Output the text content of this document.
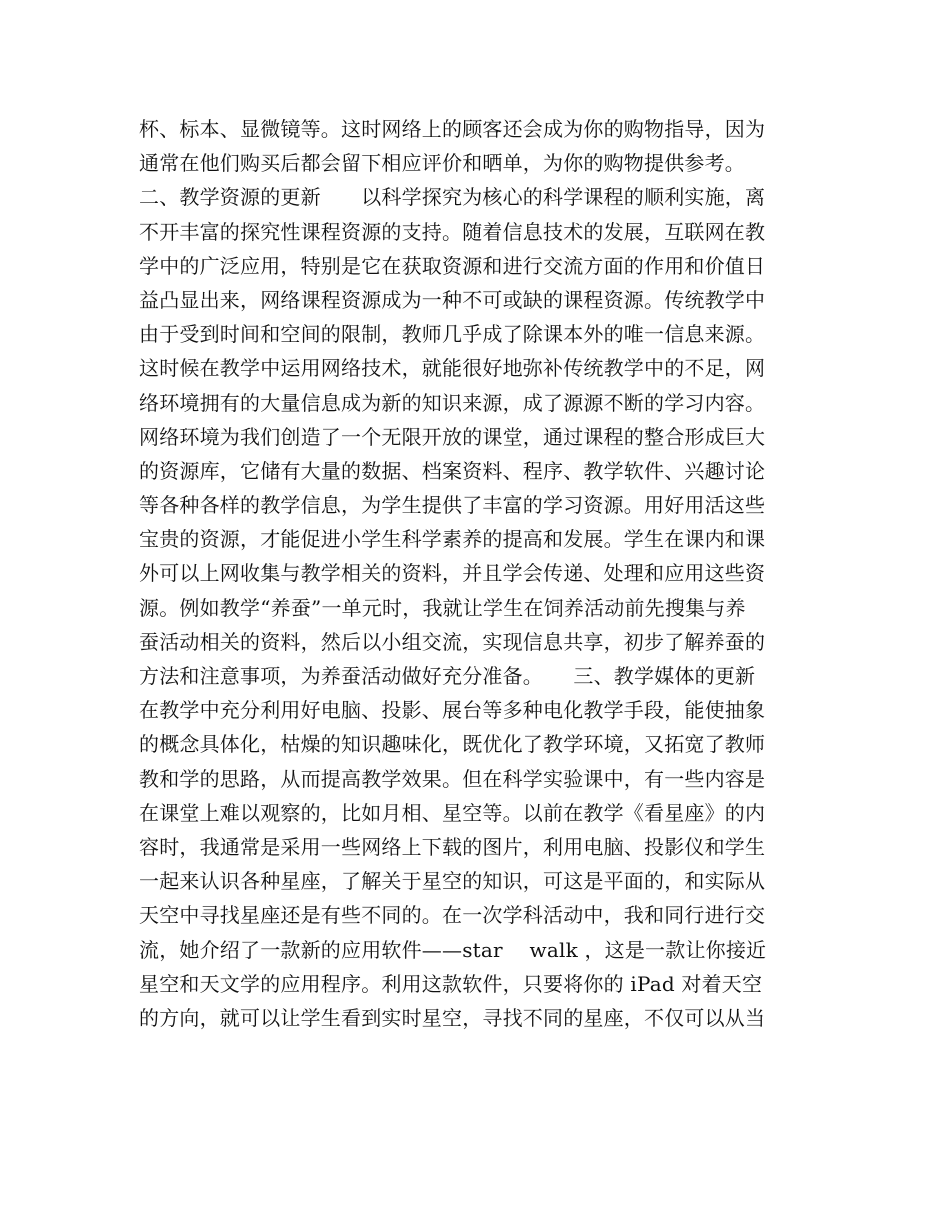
杯、标本、显微镜等。这时网络上的顾客还会成为你的购物指导，因为
通常在他们购买后都会留下相应评价和晒单，为你的购物提供参考。
二、教学资源的更新　　以科学探究为核心的科学课程的顺利实施，离
不开丰富的探究性课程资源的支持。随着信息技术的发展，互联网在教
学中的广泛应用，特别是它在获取资源和进行交流方面的作用和价值日
益凸显出来，网络课程资源成为一种不可或缺的课程资源。传统教学中
由于受到时间和空间的限制，教师几乎成了除课本外的唯一信息来源。
这时候在教学中运用网络技术，就能很好地弥补传统教学中的不足，网
络环境拥有的大量信息成为新的知识来源，成了源源不断的学习内容。
网络环境为我们创造了一个无限开放的课堂，通过课程的整合形成巨大
的资源库，它储有大量的数据、档案资料、程序、教学软件、兴趣讨论
等各种各样的教学信息，为学生提供了丰富的学习资源。用好用活这些
宝贵的资源，才能促进小学生科学素养的提高和发展。学生在课内和课
外可以上网收集与教学相关的资料，并且学会传递、处理和应用这些资
源。例如教学“养蚕”一单元时，我就让学生在饲养活动前先搜集与养
蚕活动相关的资料，然后以小组交流，实现信息共享，初步了解养蚕的
方法和注意事项，为养蚕活动做好充分准备。　　三、教学媒体的更新
在教学中充分利用好电脑、投影、展台等多种电化教学手段，能使抽象
的概念具体化，枯燥的知识趣味化，既优化了教学环境，又拓宽了教师
教和学的思路，从而提高教学效果。但在科学实验课中，有一些内容是
在课堂上难以观察的，比如月相、星空等。以前在教学《看星座》的内
容时，我通常是采用一些网络上下载的图片，利用电脑、投影仪和学生
一起来认识各种星座，了解关于星空的知识，可这是平面的，和实际从
天空中寻找星座还是有些不同的。在一次学科活动中，我和同行进行交
流，她介绍了一款新的应用软件——star　 walk ，这是一款让你接近
星空和天文学的应用程序。利用这款软件，只要将你的 iPad 对着天空
的方向，就可以让学生看到实时星空，寻找不同的星座，不仅可以从当
